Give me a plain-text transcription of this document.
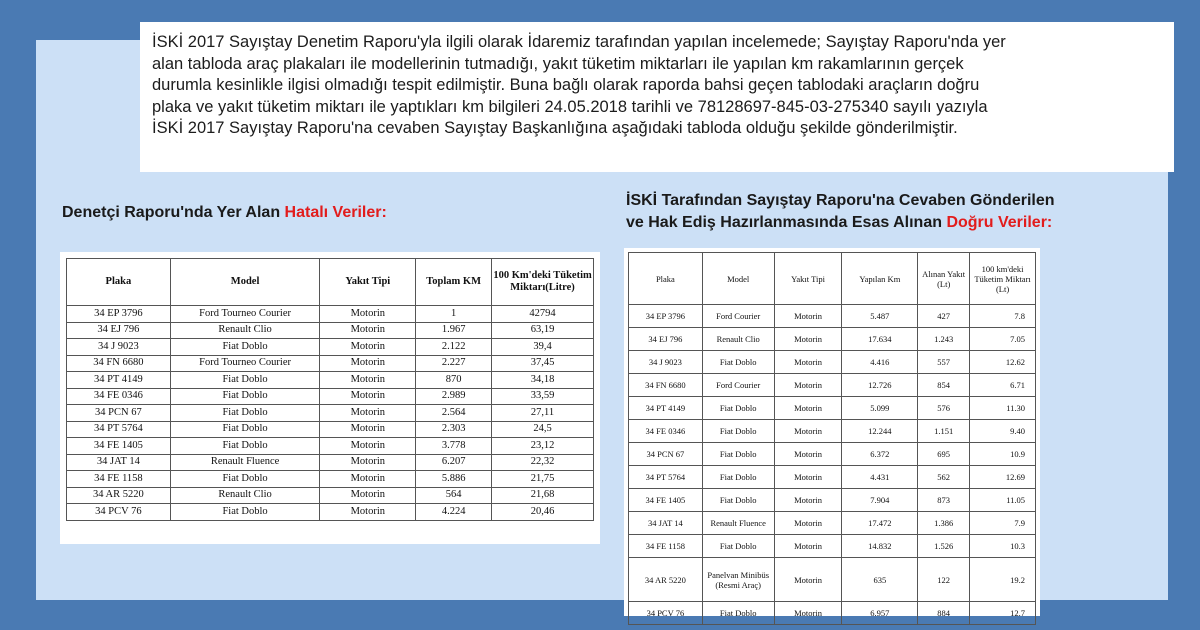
İSKİ 2017 Sayıştay Denetim Raporu'yla ilgili olarak İdaremiz tarafından yapılan incelemede; Sayıştay Raporu'nda yer
alan tabloda araç plakaları ile modellerinin tutmadığı, yakıt tüketim miktarları ile yapılan km rakamlarının gerçek
durumla kesinlikle ilgisi olmadığı tespit edilmiştir. Buna bağlı olarak raporda bahsi geçen tablodaki araçların doğru
plaka ve yakıt tüketim miktarı ile yaptıkları km bilgileri 24.05.2018 tarihli ve 78128697-845-03-275340 sayılı yazıyla
İSKİ 2017 Sayıştay Raporu'na cevaben Sayıştay Başkanlığına aşağıdaki tabloda olduğu şekilde gönderilmiştir.
Denetçi Raporu'nda Yer Alan Hatalı Veriler:
İSKİ Tarafından Sayıştay Raporu'na Cevaben Gönderilen
ve Hak Ediş Hazırlanmasında Esas Alınan Doğru Veriler:
Plaka	Model	Yakıt Tipi	Toplam KM	100 Km'deki Tüketim Miktarı(Litre)
34 EP 3796	Ford Tourneo Courier	Motorin	1	42794
34 EJ 796	Renault Clio	Motorin	1.967	63,19
34 J 9023	Fiat Doblo	Motorin	2.122	39,4
34 FN 6680	Ford Tourneo Courier	Motorin	2.227	37,45
34 PT 4149	Fiat Doblo	Motorin	870	34,18
34 FE 0346	Fiat Doblo	Motorin	2.989	33,59
34 PCN 67	Fiat Doblo	Motorin	2.564	27,11
34 PT 5764	Fiat Doblo	Motorin	2.303	24,5
34 FE 1405	Fiat Doblo	Motorin	3.778	23,12
34 JAT 14	Renault Fluence	Motorin	6.207	22,32
34 FE 1158	Fiat Doblo	Motorin	5.886	21,75
34 AR 5220	Renault Clio	Motorin	564	21,68
34 PCV 76	Fiat Doblo	Motorin	4.224	20,46
Plaka	Model	Yakıt Tipi	Yapılan Km	Alınan Yakıt (Lt)	100 km'deki Tüketim Miktarı (Lt)
34 EP 3796	Ford Courier	Motorin	5.487	427	7.8
34 EJ 796	Renault Clio	Motorin	17.634	1.243	7.05
34 J 9023	Fiat Doblo	Motorin	4.416	557	12.62
34 FN 6680	Ford Courier	Motorin	12.726	854	6.71
34 PT 4149	Fiat Doblo	Motorin	5.099	576	11.30
34 FE 0346	Fiat Doblo	Motorin	12.244	1.151	9.40
34 PCN 67	Fiat Doblo	Motorin	6.372	695	10.9
34 PT 5764	Fiat Doblo	Motorin	4.431	562	12.69
34 FE 1405	Fiat Doblo	Motorin	7.904	873	11.05
34 JAT 14	Renault Fluence	Motorin	17.472	1.386	7.9
34 FE 1158	Fiat Doblo	Motorin	14.832	1.526	10.3
34 AR 5220	Panelvan Minibüs (Resmi Araç)	Motorin	635	122	19.2
34 PCV 76	Fiat Doblo	Motorin	6.957	884	12.7
